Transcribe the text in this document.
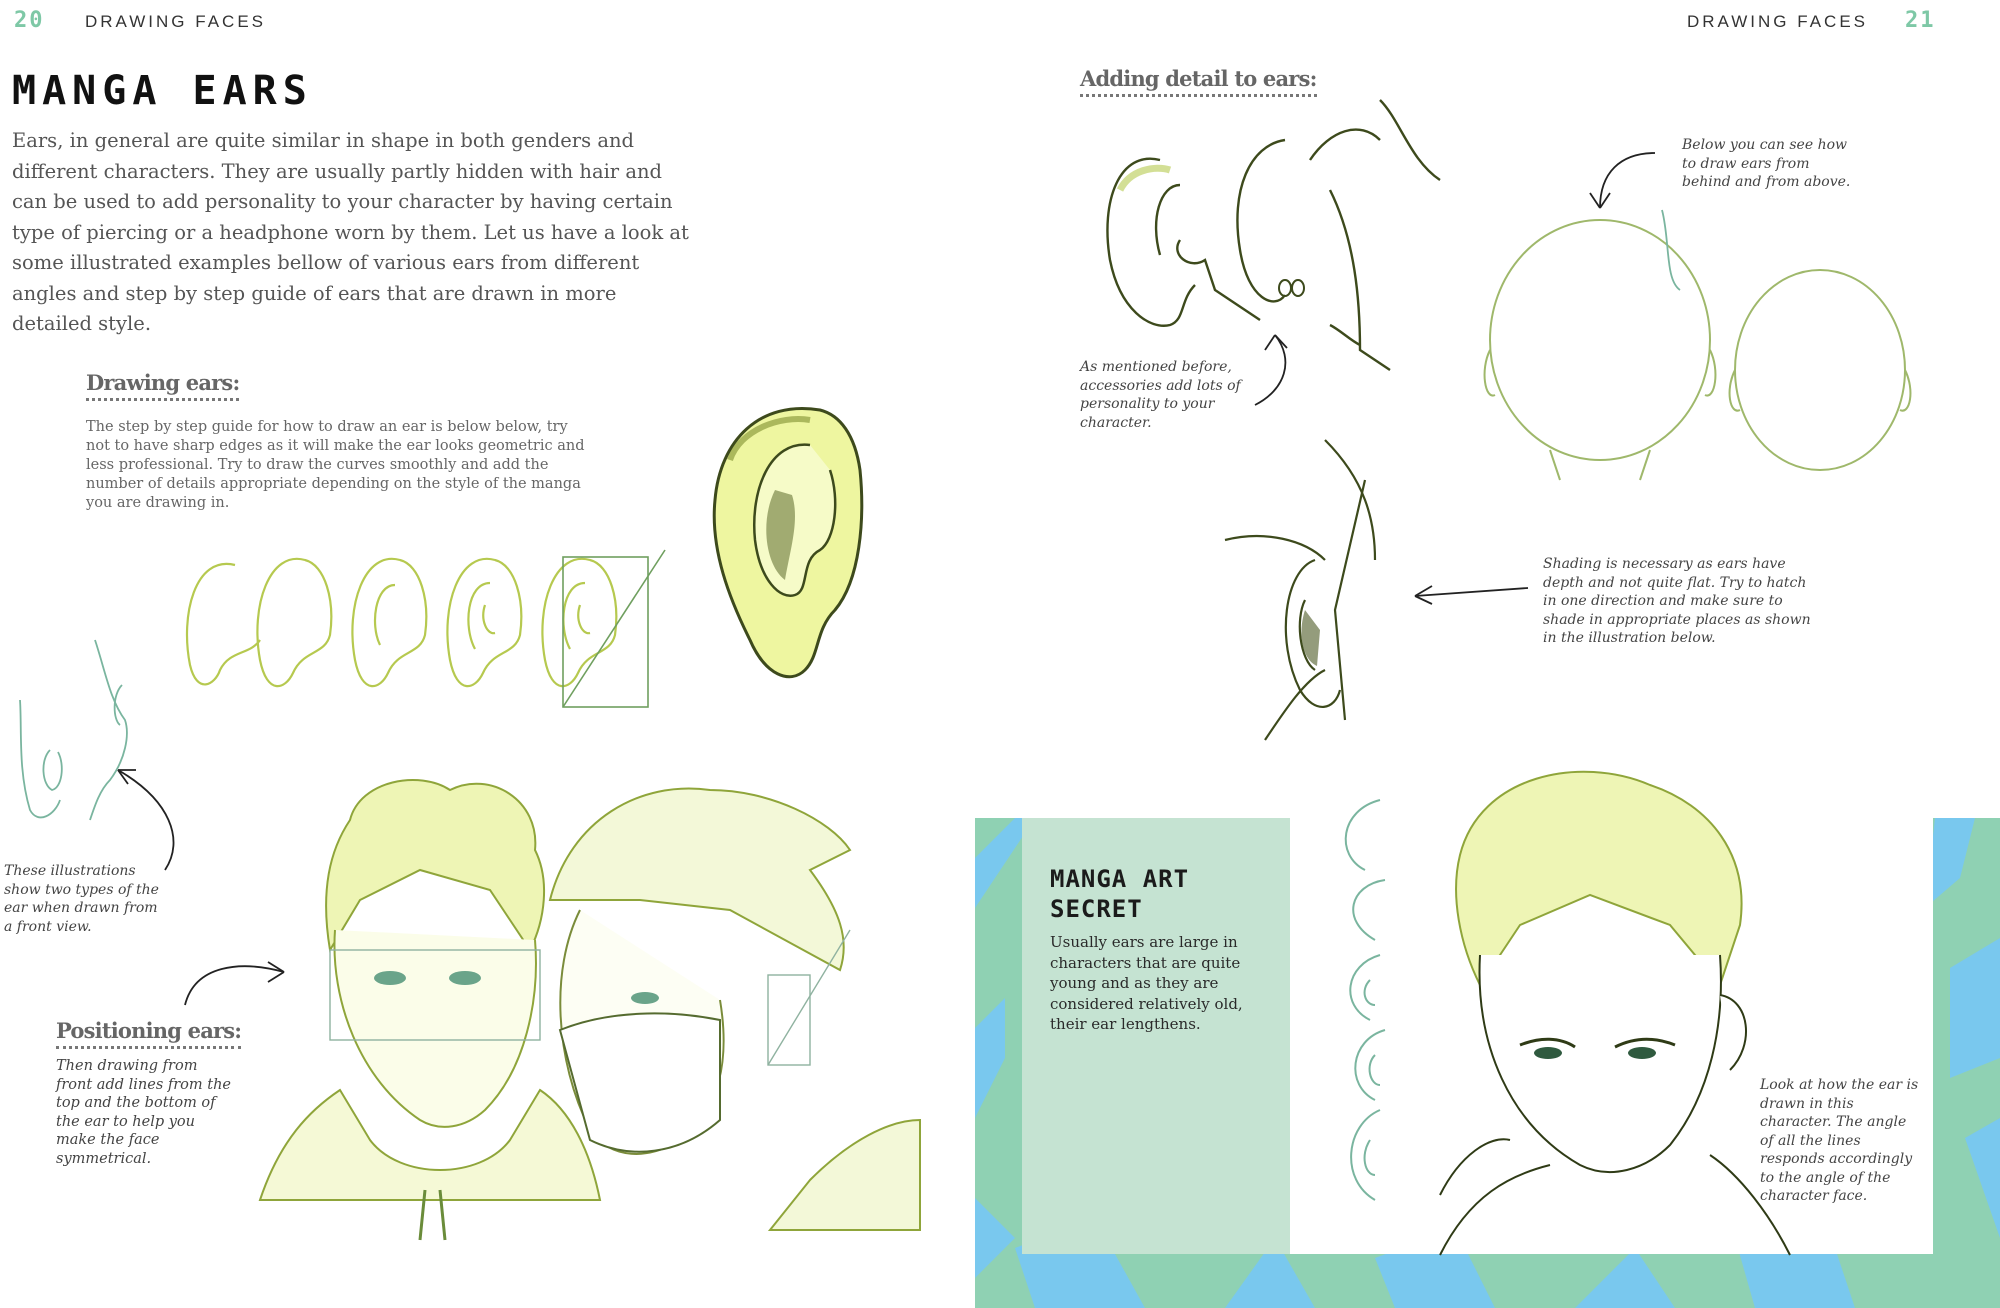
20 DRAWING FACES
MANGA EARS
Ears, in general are quite similar in shape in both genders and different characters. They are usually partly hidden with hair and can be used to add personality to your character by having certain type of piercing or a headphone worn by them. Let us have a look at some illustrated examples bellow of various ears from different angles and step by step guide of ears that are drawn in more detailed style.
Drawing ears:
The step by step guide for how to draw an ear is below below, try not to have sharp edges as it will make the ear looks geometric and less professional. Try to draw the curves smoothly and add the number of details appropriate depending on the style of the manga you are drawing in.
These illustrations show two types of the ear when drawn from a front view.
Positioning ears:
Then drawing from front add lines from the top and the bottom of the ear to help you make the face symmetrical.
DRAWING FACES 21
Adding detail to ears:
As mentioned before, accessories add lots of personality to your character.
Below you can see how to draw ears from behind and from above.
Shading is necessary as ears have depth and not quite flat. Try to hatch in one direction and make sure to shade in appropriate places as shown in the illustration below.
MANGA ART SECRET
Usually ears are large in characters that are quite young and as they are considered relatively old, their ear lengthens.
Look at how the ear is drawn in this character. The angle of all the lines responds accordingly to the angle of the character face.
